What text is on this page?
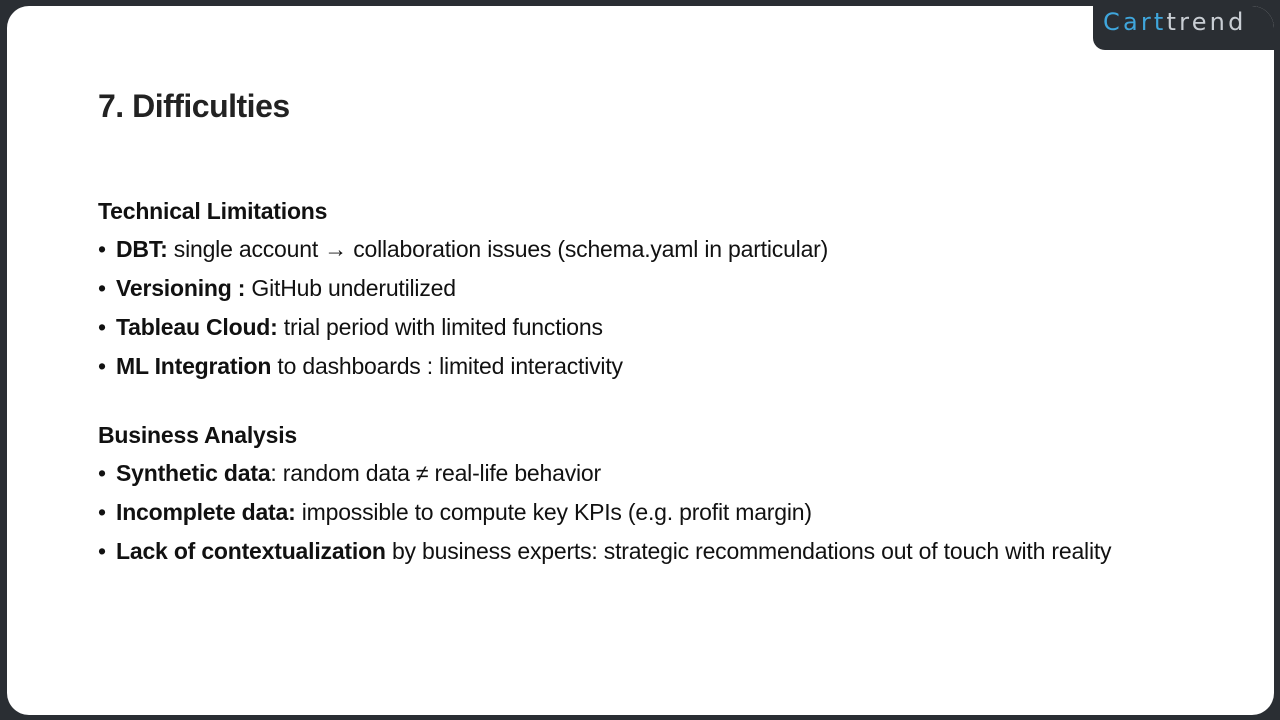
Carttrend
7. Difficulties
Technical Limitations
• DBT: single account → collaboration issues (schema.yaml in particular)
• Versioning : GitHub underutilized
• Tableau Cloud: trial period with limited functions
• ML Integration to dashboards : limited interactivity
Business Analysis
• Synthetic data: random data ≠ real-life behavior
• Incomplete data: impossible to compute key KPIs (e.g. profit margin)
• Lack of contextualization by business experts: strategic recommendations out of touch with reality
